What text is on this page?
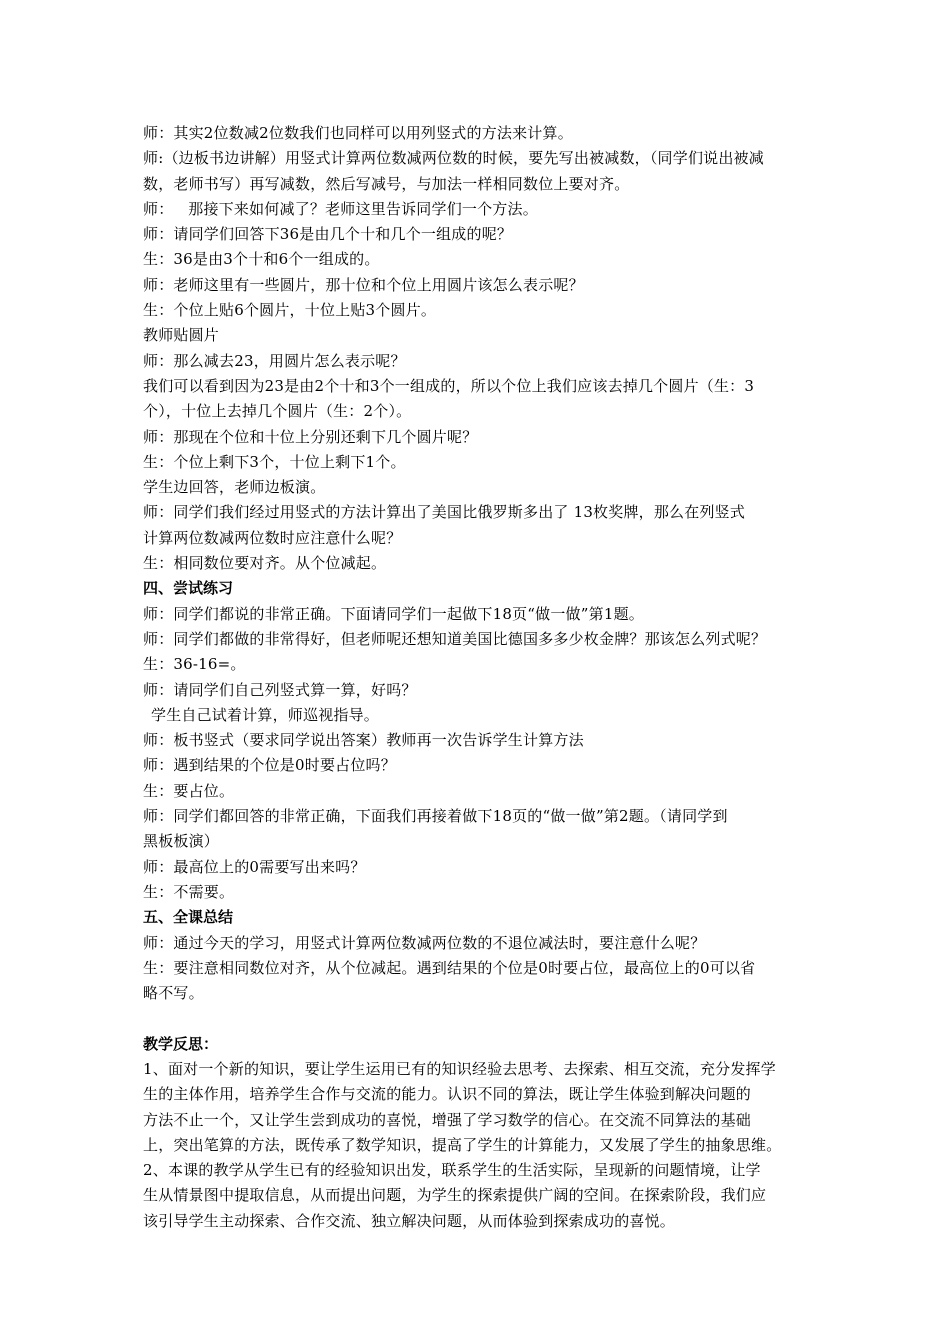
师：其实2位数减2位数我们也同样可以用列竖式的方法来计算。

师:（边板书边讲解）用竖式计算两位数减两位数的时候，要先写出被减数，（同学们说出被减

数，老师书写）再写减数，然后写减号，与加法一样相同数位上要对齐。

师：   那接下来如何减了？老师这里告诉同学们一个方法。

师：请同学们回答下36是由几个十和几个一组成的呢？

生：36是由3个十和6个一组成的。

师：老师这里有一些圆片，那十位和个位上用圆片该怎么表示呢？

生：个位上贴6个圆片，十位上贴3个圆片。

教师贴圆片

师：那么减去23，用圆片怎么表示呢？

我们可以看到因为23是由2个十和3个一组成的，所以个位上我们应该去掉几个圆片（生：3

个），十位上去掉几个圆片（生：2个）。

师：那现在个位和十位上分别还剩下几个圆片呢？

生：个位上剩下3个，十位上剩下1个。

学生边回答，老师边板演。

师：同学们我们经过用竖式的方法计算出了美国比俄罗斯多出了 13枚奖牌，那么在列竖式

计算两位数减两位数时应注意什么呢？

生：相同数位要对齐。从个位减起。

四、尝试练习

师：同学们都说的非常正确。下面请同学们一起做下18页“做一做”第1题。

师：同学们都做的非常得好，但老师呢还想知道美国比德国多多少枚金牌？那该怎么列式呢？

生：36-16=。

师：请同学们自己列竖式算一算，好吗？

学生自己试着计算，师巡视指导。

师：板书竖式（要求同学说出答案）教师再一次告诉学生计算方法

师：遇到结果的个位是0时要占位吗？

生：要占位。

师：同学们都回答的非常正确，下面我们再接着做下18页的“做一做”第2题。（请同学到

黑板板演）

师：最高位上的0需要写出来吗？

生：不需要。

五、全课总结

师：通过今天的学习，用竖式计算两位数减两位数的不退位减法时，要注意什么呢？

生：要注意相同数位对齐，从个位减起。遇到结果的个位是0时要占位，最高位上的0可以省

略不写。

教学反思：

1、面对一个新的知识，要让学生运用已有的知识经验去思考、去探索、相互交流，充分发挥学

生的主体作用，培养学生合作与交流的能力。认识不同的算法，既让学生体验到解决问题的

方法不止一个，又让学生尝到成功的喜悦，增强了学习数学的信心。在交流不同算法的基础

上，突出笔算的方法，既传承了数学知识，提高了学生的计算能力，又发展了学生的抽象思维。

2、本课的教学从学生已有的经验知识出发，联系学生的生活实际，呈现新的问题情境，让学

生从情景图中提取信息，从而提出问题，为学生的探索提供广阔的空间。在探索阶段，我们应

该引导学生主动探索、合作交流、独立解决问题，从而体验到探索成功的喜悦。
